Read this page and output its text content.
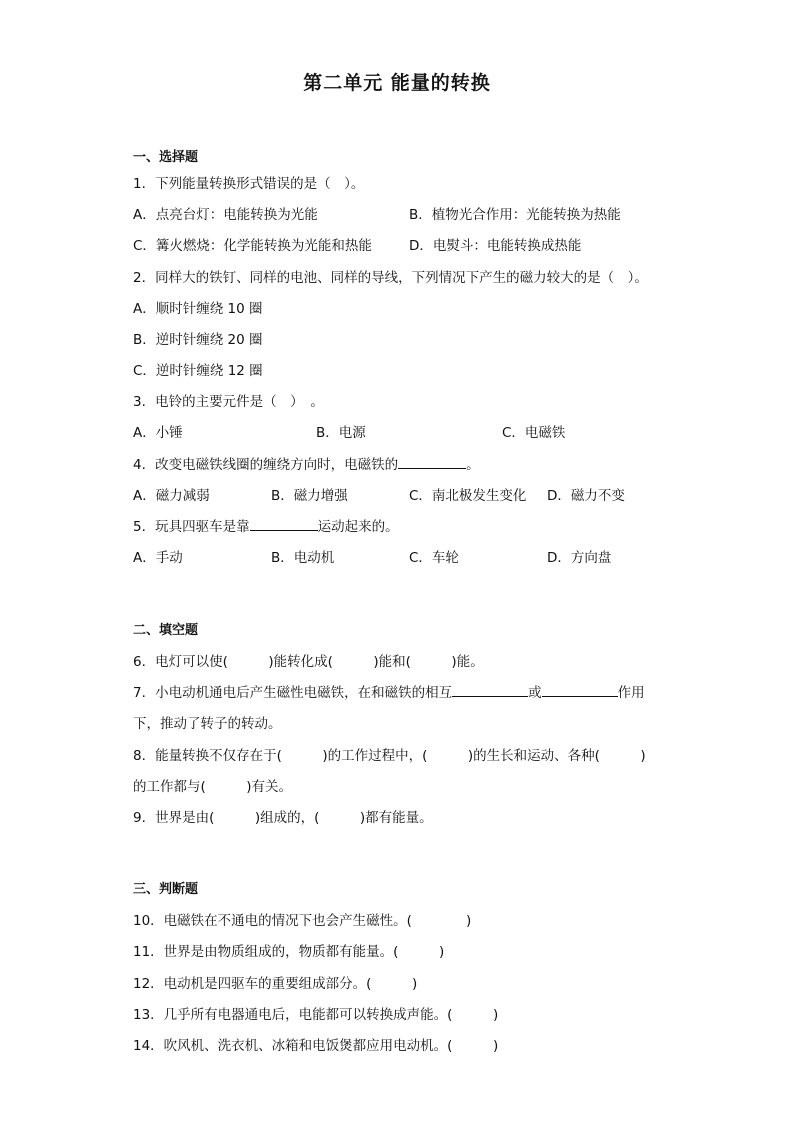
第二单元 能量的转换
一、选择题
1．下列能量转换形式错误的是（　）。
A．点亮台灯：电能转换为光能	B．植物光合作用：光能转换为热能
C．篝火燃烧：化学能转换为光能和热能	D．电熨斗：电能转换成热能
2．同样大的铁钉、同样的电池、同样的导线，下列情况下产生的磁力较大的是（　）。
A．顺时针缠绕 10 圈
B．逆时针缠绕 20 圈
C．逆时针缠绕 12 圈
3．电铃的主要元件是（　）　。
A．小锤	B．电源	C．电磁铁
4．改变电磁铁线圈的缠绕方向时，电磁铁的	。
A．磁力减弱	B．磁力增强	C．南北极发生变化 D．磁力不变
5．玩具四驱车是靠	运动起来的。
A．手动	B．电动机	C．车轮	D．方向盘
二、填空题
6．电灯可以使(　　　)能转化成(　　　)能和(　　　)能。
7．小电动机通电后产生磁性电磁铁，在和磁铁的相互	或	作用
下，推动了转子的转动。
8．能量转换不仅存在于(　　　)的工作过程中，(　　　)的生长和运动、各种(　　　)
的工作都与(　　　)有关。
9．世界是由(　　　)组成的，(　　　)都有能量。
三、判断题
10．电磁铁在不通电的情况下也会产生磁性。(　　　　)
11．世界是由物质组成的，物质都有能量。(　　　)
12．电动机是四驱车的重要组成部分。(　　　)
13．几乎所有电器通电后，电能都可以转换成声能。(　　　)
14．吹风机、洗衣机、冰箱和电饭煲都应用电动机。(　　　)
